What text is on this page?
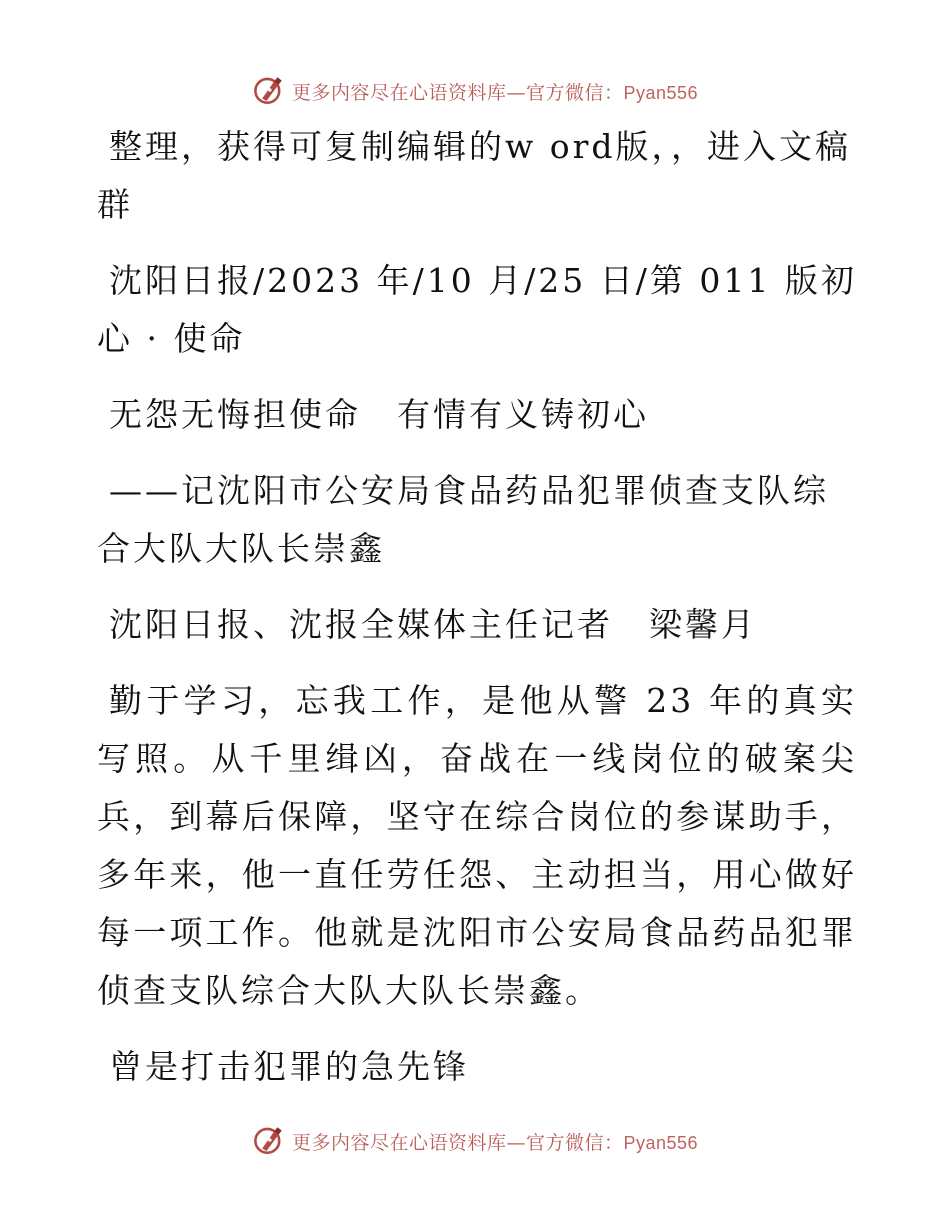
更多内容尽在心语资料库—官方微信：Pyan556

整理，获得可复制编辑的w ord版，，进入文稿群

沈阳日报/2023 年/10 月/25 日/第 011 版初心 · 使命

无怨无悔担使命　有情有义铸初心

——记沈阳市公安局食品药品犯罪侦查支队综合大队大队长崇鑫

沈阳日报、沈报全媒体主任记者　梁馨月

勤于学习，忘我工作，是他从警 23 年的真实写照。从千里缉凶，奋战在一线岗位的破案尖兵，到幕后保障，坚守在综合岗位的参谋助手，多年来，他一直任劳任怨、主动担当，用心做好每一项工作。他就是沈阳市公安局食品药品犯罪侦查支队综合大队大队长崇鑫。

曾是打击犯罪的急先锋

更多内容尽在心语资料库—官方微信：Pyan556
